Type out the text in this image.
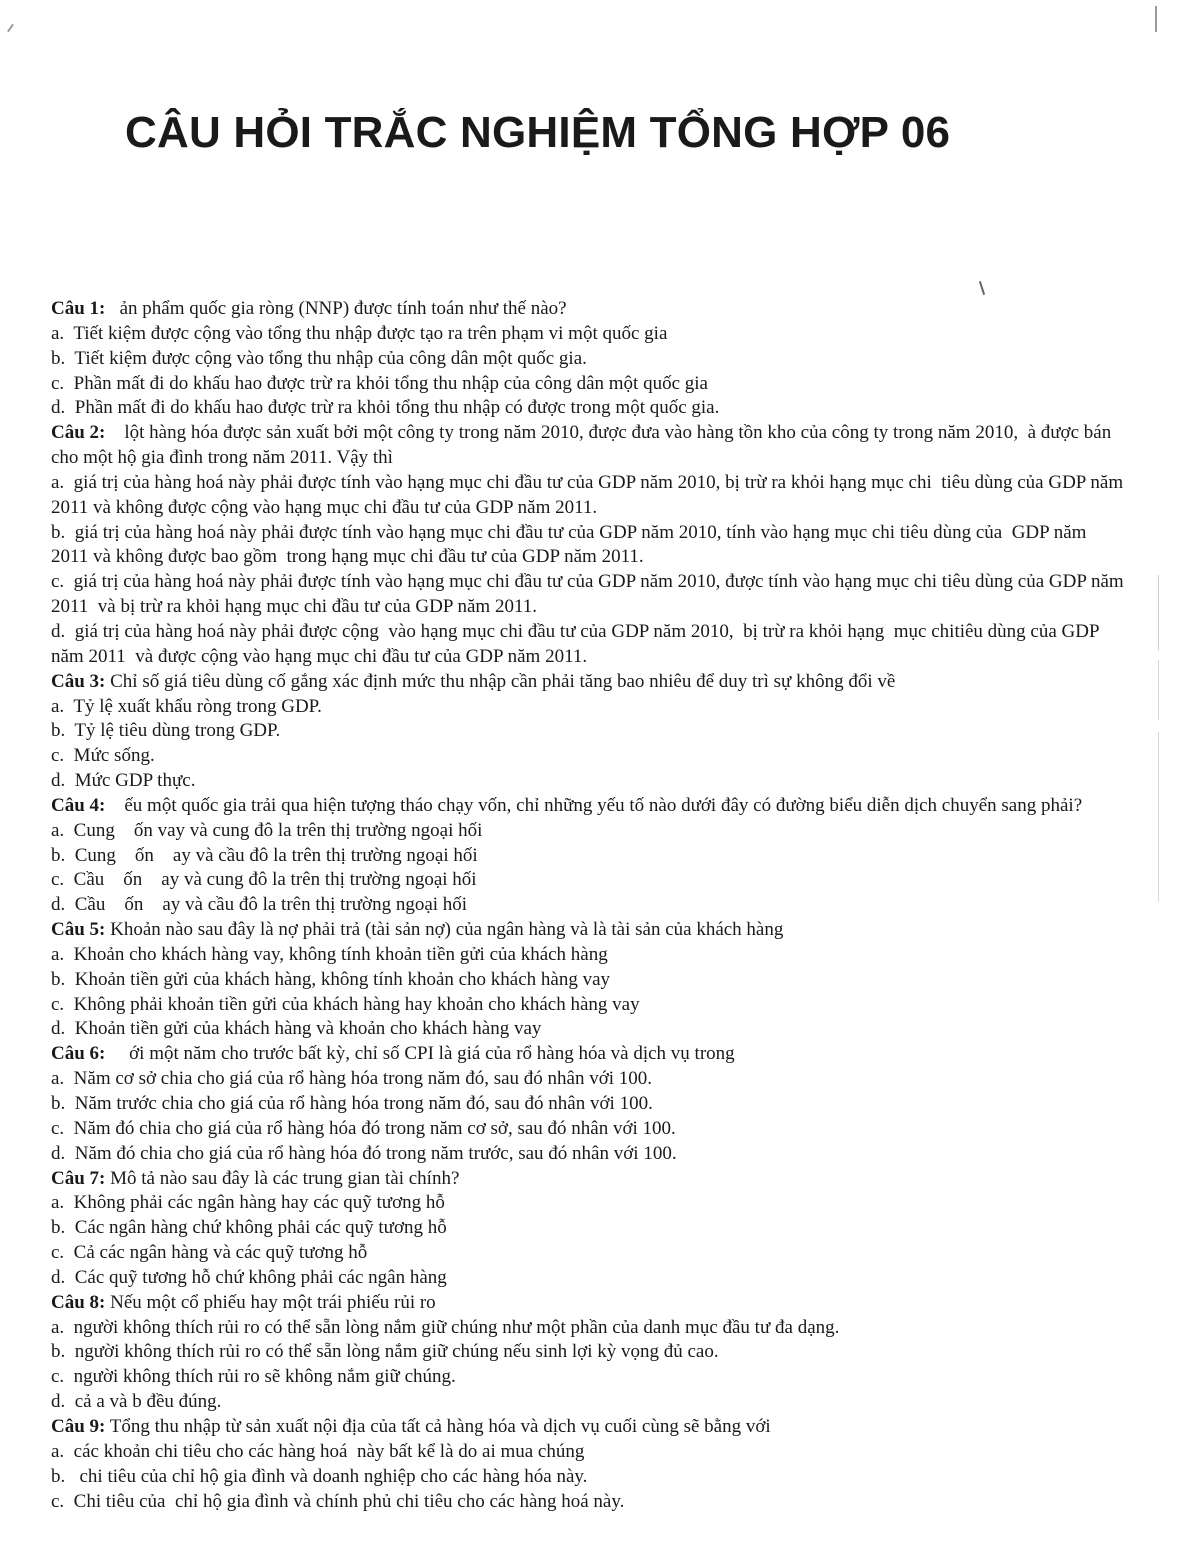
CÂU HỎI TRẮC NGHIỆM TỔNG HỢP 06

Câu 1:   ản phẩm quốc gia ròng (NNP) được tính toán như thế nào?

a.  Tiết kiệm được cộng vào tổng thu nhập được tạo ra trên phạm vi một quốc gia

b.  Tiết kiệm được cộng vào tổng thu nhập của công dân một quốc gia.

c.  Phần mất đi do khấu hao được trừ ra khỏi tổng thu nhập của công dân một quốc gia

d.  Phần mất đi do khấu hao được trừ ra khỏi tổng thu nhập có được trong một quốc gia.

Câu 2:    lột hàng hóa được sản xuất bởi một công ty trong năm 2010, được đưa vào hàng tồn kho của công ty trong năm 2010,  à được bán cho một hộ gia đình trong năm 2011. Vậy thì

a.  giá trị của hàng hoá này phải được tính vào hạng mục chi đầu tư của GDP năm 2010, bị trừ ra khỏi hạng mục chi  tiêu dùng của GDP năm 2011 và không được cộng vào hạng mục chi đầu tư của GDP năm 2011.

b.  giá trị của hàng hoá này phải được tính vào hạng mục chi đầu tư của GDP năm 2010, tính vào hạng mục chi tiêu dùng của  GDP năm 2011 và không được bao gồm  trong hạng mục chi đầu tư của GDP năm 2011.

c.  giá trị của hàng hoá này phải được tính vào hạng mục chi đầu tư của GDP năm 2010, được tính vào hạng mục chi tiêu dùng của GDP năm 2011  và bị trừ ra khỏi hạng mục chi đầu tư của GDP năm 2011.

d.  giá trị của hàng hoá này phải được cộng  vào hạng mục chi đầu tư của GDP năm 2010,  bị trừ ra khỏi hạng  mục chitiêu dùng của GDP năm 2011  và được cộng vào hạng mục chi đầu tư của GDP năm 2011.

Câu 3: Chỉ số giá tiêu dùng cố gắng xác định mức thu nhập cần phải tăng bao nhiêu để duy trì sự không đổi về

a.  Tỷ lệ xuất khẩu ròng trong GDP.

b.  Tỷ lệ tiêu dùng trong GDP.

c.  Mức sống.

d.  Mức GDP thực.

Câu 4:    ếu một quốc gia trải qua hiện tượng tháo chạy vốn, chỉ những yếu tố nào dưới đây có đường biểu diễn dịch chuyển sang phải?

a.  Cung    ốn vay và cung đô la trên thị trường ngoại hối

b.  Cung    ốn    ay và cầu đô la trên thị trường ngoại hối

c.  Cầu    ốn    ay và cung đô la trên thị trường ngoại hối

d.  Cầu    ốn    ay và cầu đô la trên thị trường ngoại hối

Câu 5: Khoản nào sau đây là nợ phải trả (tài sản nợ) của ngân hàng và là tài sản của khách hàng

a.  Khoản cho khách hàng vay, không tính khoản tiền gửi của khách hàng

b.  Khoản tiền gửi của khách hàng, không tính khoản cho khách hàng vay

c.  Không phải khoản tiền gửi của khách hàng hay khoản cho khách hàng vay

d.  Khoản tiền gửi của khách hàng và khoản cho khách hàng vay

Câu 6:     ới một năm cho trước bất kỳ, chỉ số CPI là giá của rổ hàng hóa và dịch vụ trong

a.  Năm cơ sở chia cho giá của rổ hàng hóa trong năm đó, sau đó nhân với 100.

b.  Năm trước chia cho giá của rổ hàng hóa trong năm đó, sau đó nhân với 100.

c.  Năm đó chia cho giá của rổ hàng hóa đó trong năm cơ sở, sau đó nhân với 100.

d.  Năm đó chia cho giá của rổ hàng hóa đó trong năm trước, sau đó nhân với 100.

Câu 7: Mô tả nào sau đây là các trung gian tài chính?

a.  Không phải các ngân hàng hay các quỹ tương hỗ

b.  Các ngân hàng chứ không phải các quỹ tương hỗ

c.  Cả các ngân hàng và các quỹ tương hỗ

d.  Các quỹ tương hỗ chứ không phải các ngân hàng

Câu 8: Nếu một cổ phiếu hay một trái phiếu rủi ro

a.  người không thích rủi ro có thể sẵn lòng nắm giữ chúng như một phần của danh mục đầu tư đa dạng.

b.  người không thích rủi ro có thể sẵn lòng nắm giữ chúng nếu sinh lợi kỳ vọng đủ cao.

c.  người không thích rủi ro sẽ không nắm giữ chúng.

d.  cả a và b đều đúng.

Câu 9: Tổng thu nhập từ sản xuất nội địa của tất cả hàng hóa và dịch vụ cuối cùng sẽ bằng với

a.  các khoản chi tiêu cho các hàng hoá  này bất kể là do ai mua chúng

b.   chi tiêu của chỉ hộ gia đình và doanh nghiệp cho các hàng hóa này.

c.  Chi tiêu của  chỉ hộ gia đình và chính phủ chi tiêu cho các hàng hoá này.
